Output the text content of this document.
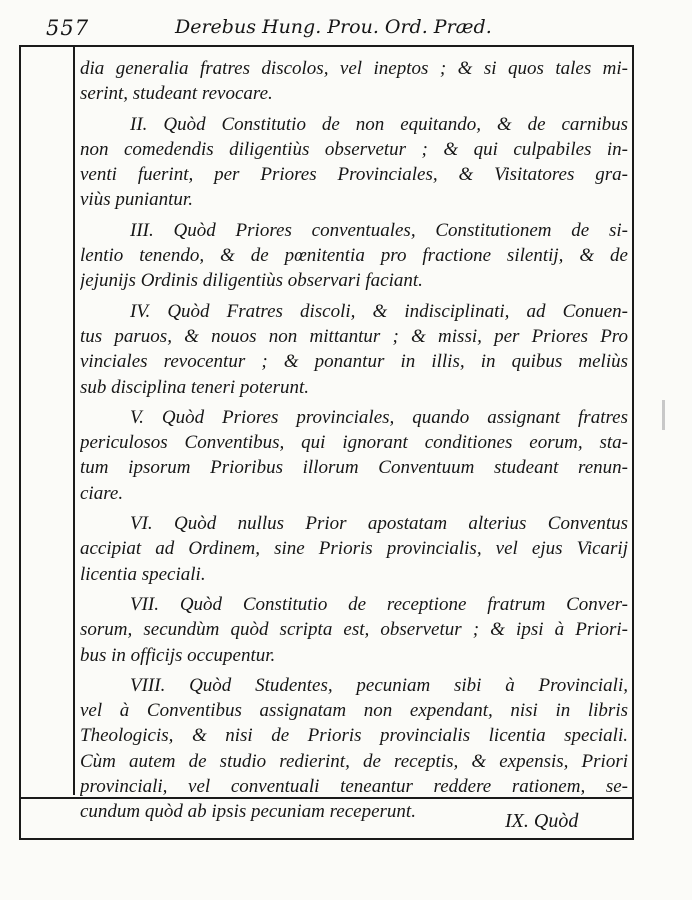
557	Derebus Hung. Prou. Ord. Præd.

dia generalia fratres discolos, vel ineptos ; & si quos tales mi-
serint, studeant revocare.

II. Quòd Constitutio de non equitando, & de carnibus
non comedendis diligentiùs observetur ; & qui culpabiles in-
venti fuerint, per Priores Provinciales, & Visitatores gra-
viùs puniantur.

III. Quòd Priores conventuales, Constitutionem de si-
lentio tenendo, & de pœnitentia pro fractione silentij, & de
jejunijs Ordinis diligentiùs observari faciant.

IV. Quòd Fratres discoli, & indisciplinati, ad Conuen-
tus paruos, & nouos non mittantur ; & missi, per Priores Pro
vinciales revocentur ; & ponantur in illis, in quibus meliùs
sub disciplina teneri poterunt.

V. Quòd Priores provinciales, quando assignant fratres
periculosos Conventibus, qui ignorant conditiones eorum, sta-
tum ipsorum Prioribus illorum Conventuum studeant renun-
ciare.

VI. Quòd nullus Prior apostatam alterius Conventus
accipiat ad Ordinem, sine Prioris provincialis, vel ejus Vicarij
licentia speciali.

VII. Quòd Constitutio de receptione fratrum Conver-
sorum, secundùm quòd scripta est, observetur ; & ipsi à Priori-
bus in officijs occupentur.

VIII. Quòd Studentes, pecuniam sibi à Provinciali,
vel à Conventibus assignatam non expendant, nisi in libris
Theologicis, & nisi de Prioris provincialis licentia speciali.
Cùm autem de studio redierint, de receptis, & expensis, Priori
provinciali, vel conventuali teneantur reddere rationem, se-
cundum quòd ab ipsis pecuniam receperunt.	IX. Quòd
